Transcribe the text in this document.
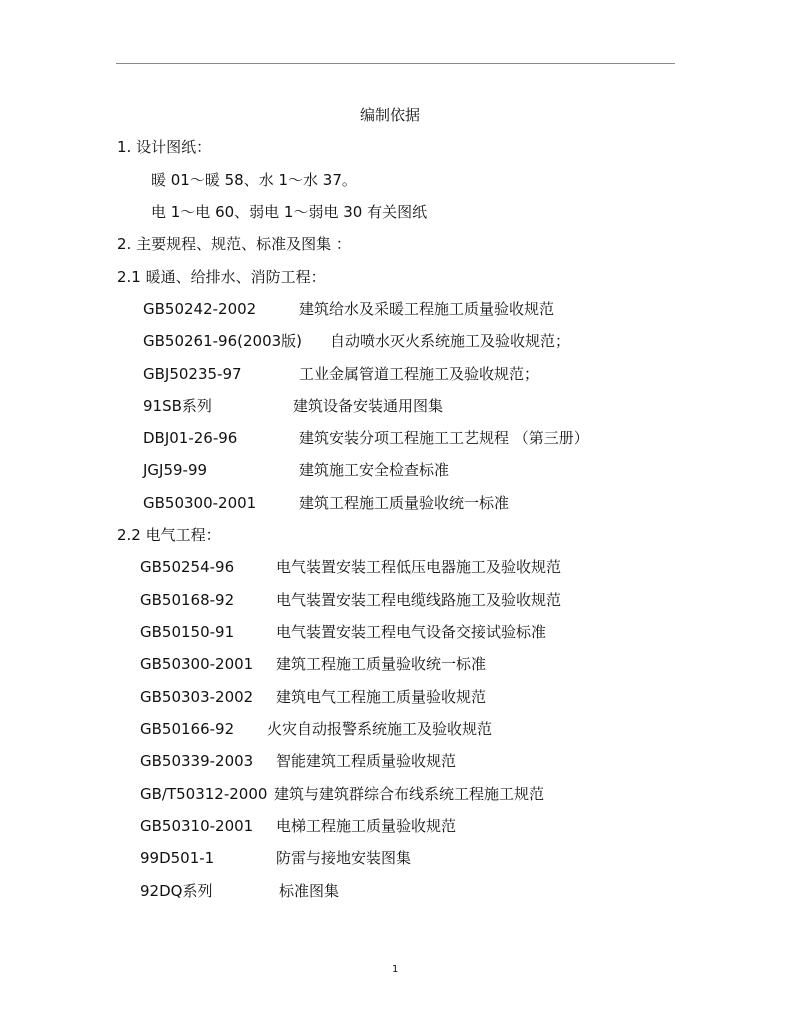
编制依据
1. 设计图纸：
暖 01～暖 58、水 1～水 37。
电 1～电 60、弱电 1～弱电 30 有关图纸
2. 主要规程、规范、标准及图集 ：
2.1 暖通、给排水、消防工程：
GB50242-2002	建筑给水及采暖工程施工质量验收规范
GB50261-96(2003版) 自动喷水灭火系统施工及验收规范；
GBJ50235-97	工业金属管道工程施工及验收规范；
91SB系列	建筑设备安装通用图集
DBJ01-26-96	建筑安装分项工程施工工艺规程 （第三册）
JGJ59-99	建筑施工安全检查标准
GB50300-2001	建筑工程施工质量验收统一标准
2.2 电气工程：
GB50254-96	电气装置安装工程低压电器施工及验收规范
GB50168-92	电气装置安装工程电缆线路施工及验收规范
GB50150-91	电气装置安装工程电气设备交接试验标准
GB50300-2001 建筑工程施工质量验收统一标准
GB50303-2002 建筑电气工程施工质量验收规范
GB50166-92 火灾自动报警系统施工及验收规范
GB50339-2003 智能建筑工程质量验收规范
GB/T50312-2000 建筑与建筑群综合布线系统工程施工规范
GB50310-2001 电梯工程施工质量验收规范
99D501-1	防雷与接地安装图集
92DQ系列	标准图集
1
